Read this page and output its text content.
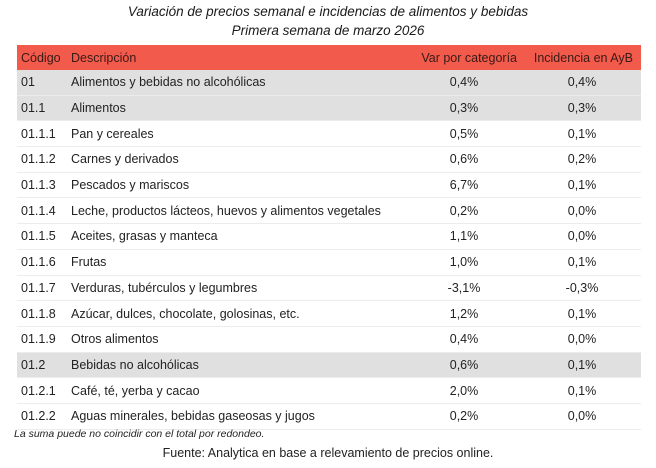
Variación de precios semanal e incidencias de alimentos y bebidas
Primera semana de marzo 2026
Código	Descripción	Var por categoría	Incidencia en AyB
01	Alimentos y bebidas no alcohólicas	0,4%	0,4%
01.1	Alimentos	0,3%	0,3%
01.1.1	Pan y cereales	0,5%	0,1%
01.1.2	Carnes y derivados	0,6%	0,2%
01.1.3	Pescados y mariscos	6,7%	0,1%
01.1.4	Leche, productos lácteos, huevos y alimentos vegetales	0,2%	0,0%
01.1.5	Aceites, grasas y manteca	1,1%	0,0%
01.1.6	Frutas	1,0%	0,1%
01.1.7	Verduras, tubérculos y legumbres	-3,1%	-0,3%
01.1.8	Azúcar, dulces, chocolate, golosinas, etc.	1,2%	0,1%
01.1.9	Otros alimentos	0,4%	0,0%
01.2	Bebidas no alcohólicas	0,6%	0,1%
01.2.1	Café, té, yerba y cacao	2,0%	0,1%
01.2.2	Aguas minerales, bebidas gaseosas y jugos	0,2%	0,0%
La suma puede no coincidir con el total por redondeo.
Fuente: Analytica en base a relevamiento de precios online.
